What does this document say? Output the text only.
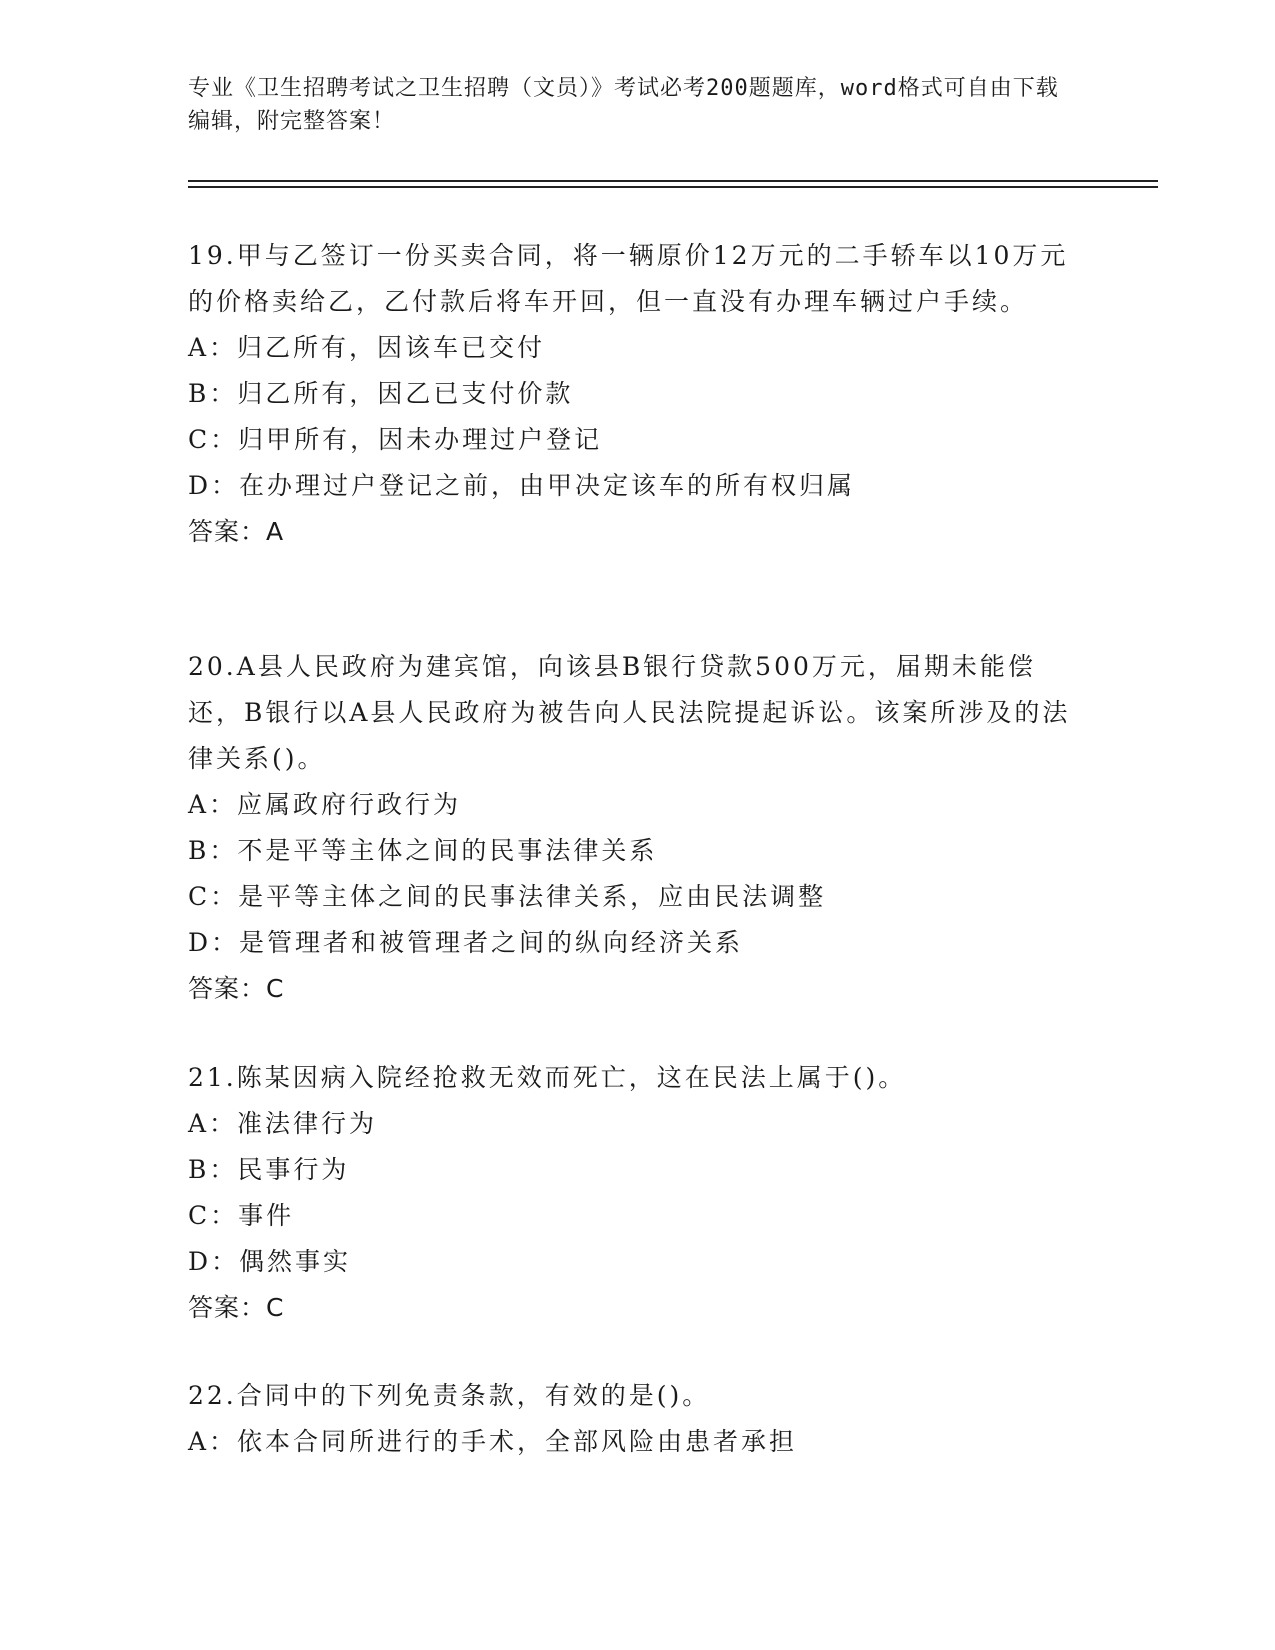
专业《卫生招聘考试之卫生招聘（文员）》考试必考200题题库，word格式可自由下载编辑，附完整答案！
19.甲与乙签订一份买卖合同，将一辆原价12万元的二手轿车以10万元的价格卖给乙，乙付款后将车开回，但一直没有办理车辆过户手续。
A：归乙所有，因该车已交付
B：归乙所有，因乙已支付价款
C：归甲所有，因未办理过户登记
D：在办理过户登记之前，由甲决定该车的所有权归属
答案：A
20.A县人民政府为建宾馆，向该县B银行贷款500万元，届期未能偿还，B银行以A县人民政府为被告向人民法院提起诉讼。该案所涉及的法律关系()。
A：应属政府行政行为
B：不是平等主体之间的民事法律关系
C：是平等主体之间的民事法律关系，应由民法调整
D：是管理者和被管理者之间的纵向经济关系
答案：C
21.陈某因病入院经抢救无效而死亡，这在民法上属于()。
A：准法律行为
B：民事行为
C：事件
D：偶然事实
答案：C
22.合同中的下列免责条款，有效的是()。
A：依本合同所进行的手术，全部风险由患者承担
